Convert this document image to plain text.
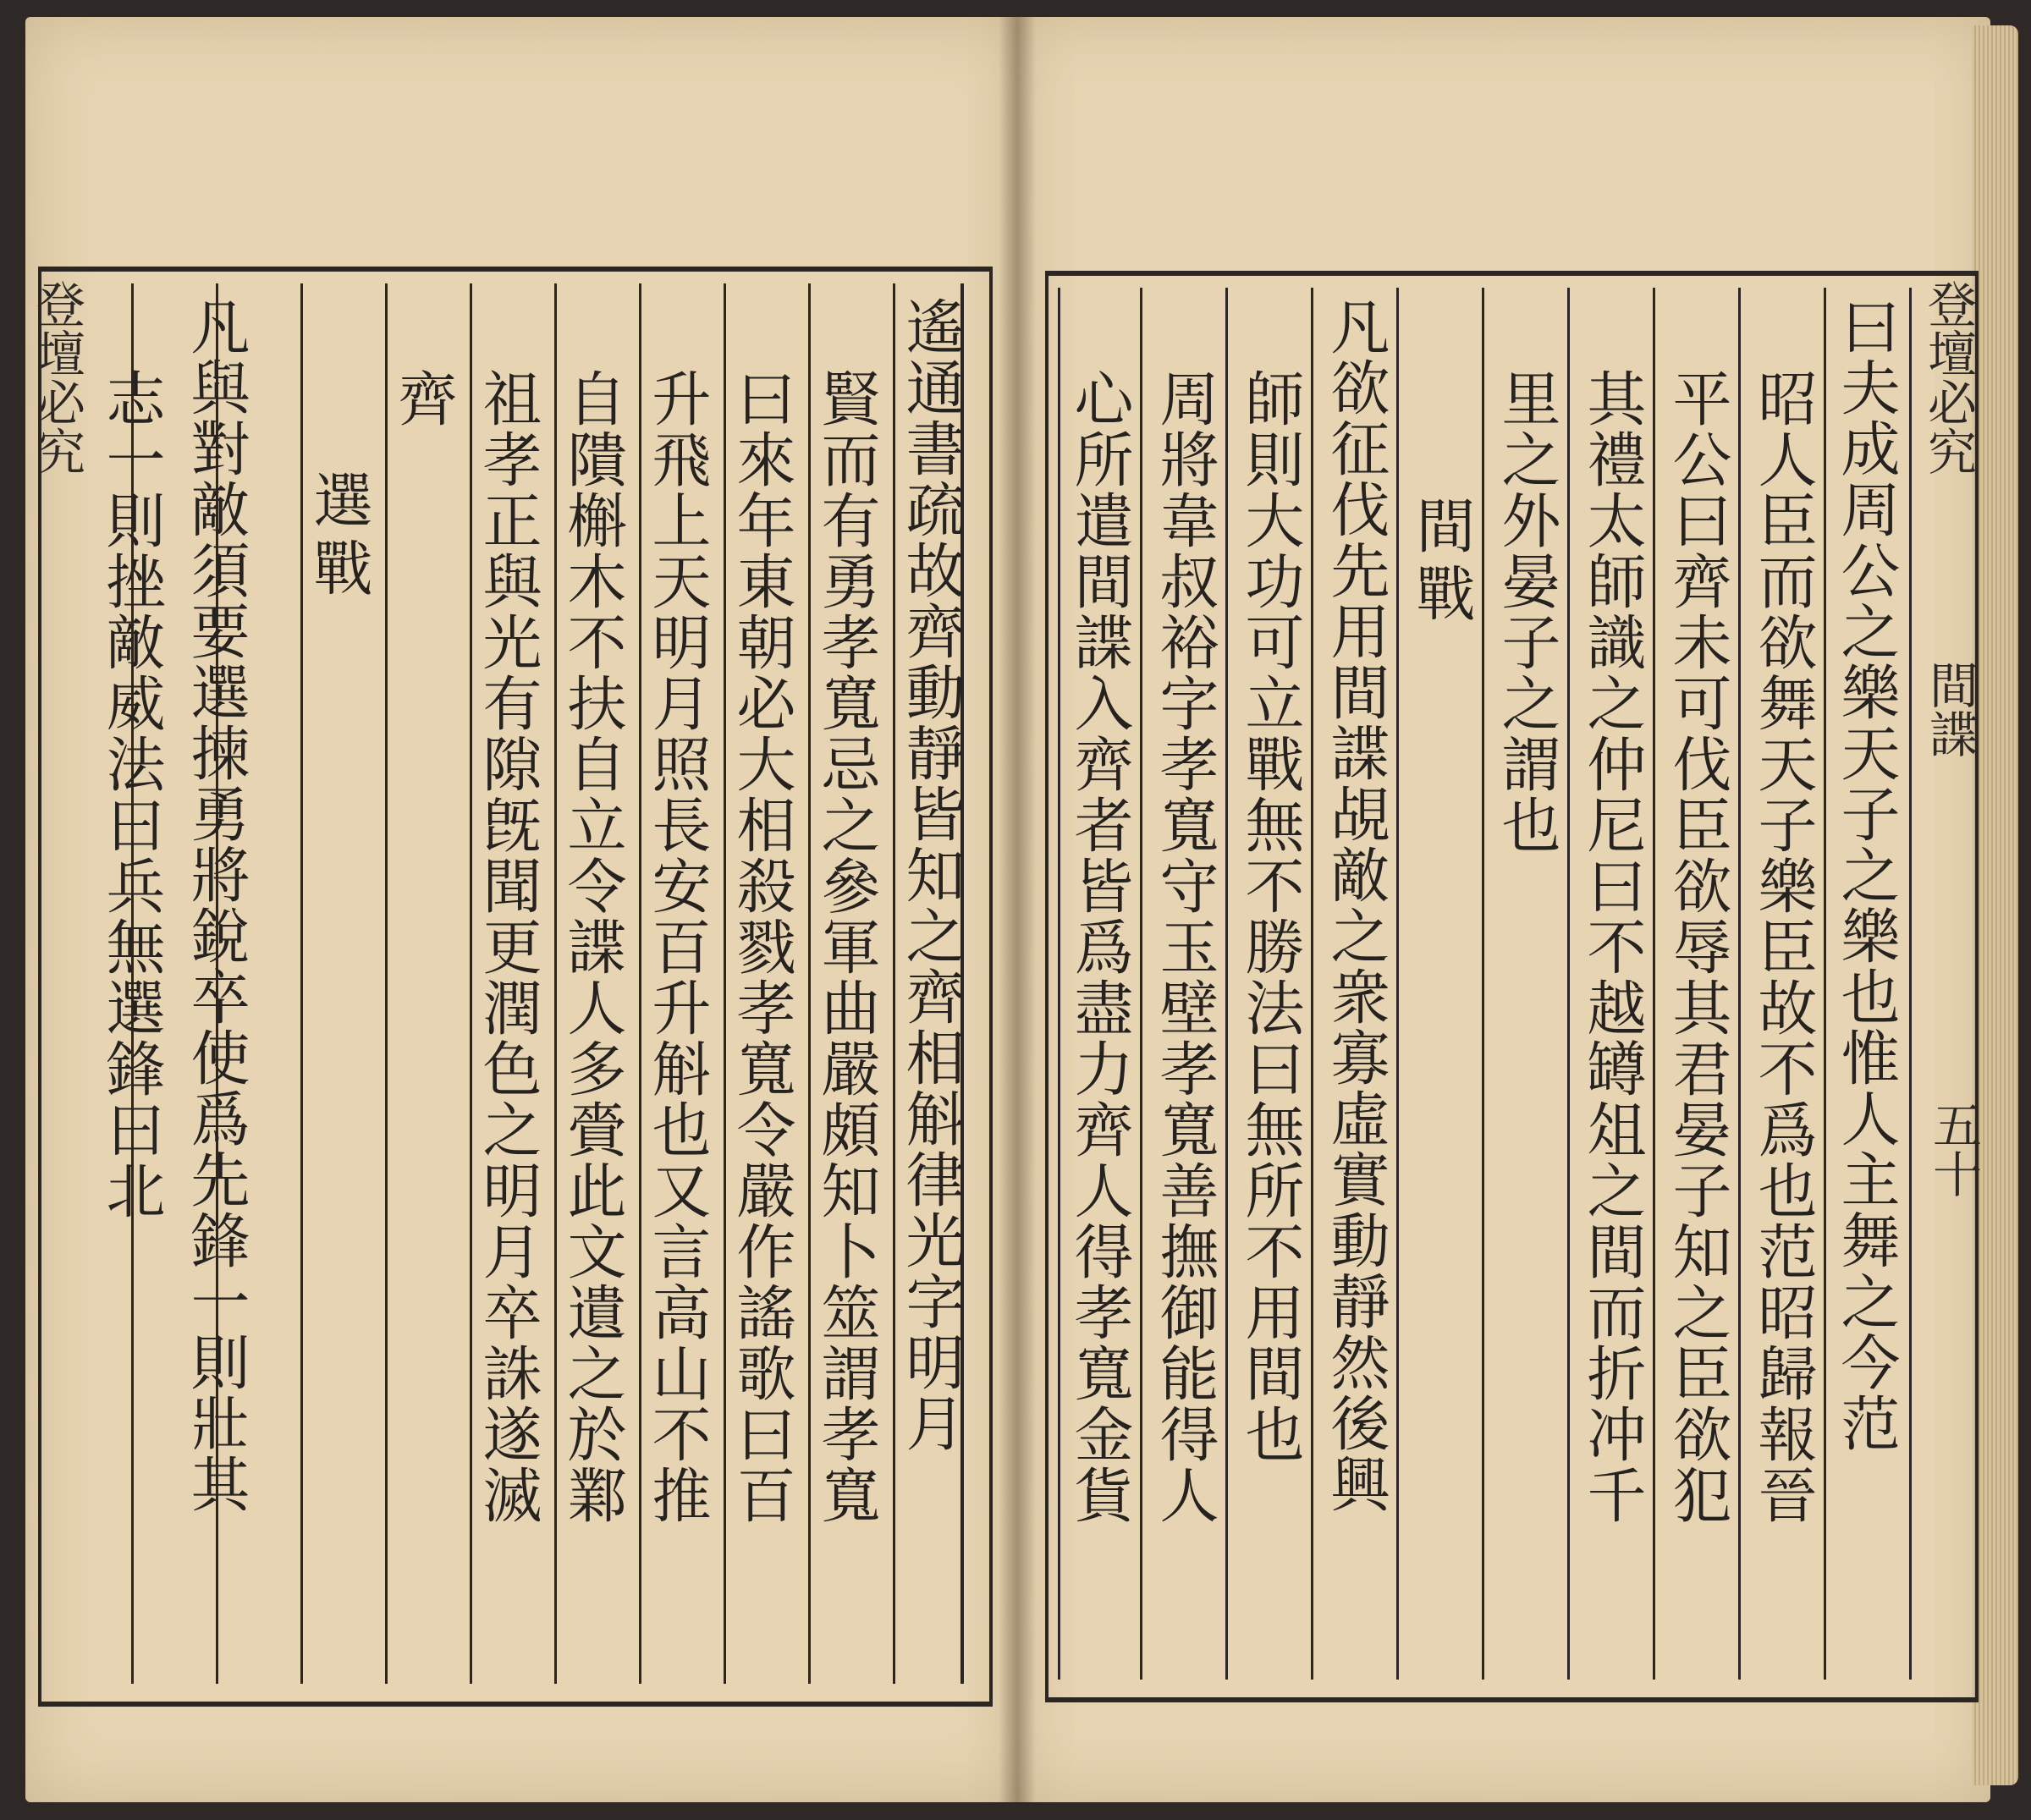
登壇必究
間諜
五十
登壇必究	曰夫成周公之樂天子之樂也惟人主舞之今范
昭人臣而欲舞天子樂臣故不爲也范昭歸報晉
平公曰齊未可伐臣欲辱其君晏子知之臣欲犯
其禮太師識之仲尼曰不越罇俎之間而折冲千
里之外晏子之謂也
間戰
凡欲征伐先用間諜覘敵之衆寡虛實動靜然後興
師則大功可立戰無不勝法曰無所不用間也
周將韋叔裕字孝寬守玉壁孝寬善撫御能得人
心所遣間諜入齊者皆爲盡力齊人得孝寬金貨
遙通書疏故齊動靜皆知之齊相斛律光字明月
賢而有勇孝寬忌之參軍曲嚴頗知卜筮謂孝寬
曰來年東朝必大相殺戮孝寬令嚴作謠歌曰百
升飛上天明月照長安百升斛也又言高山不推
自隤槲木不扶自立令諜人多賫此文遺之於鄴
祖孝正與光有隙旣聞更潤色之明月卒誅遂滅
齊
選戰
凡與對敵須要選揀勇將銳卒使爲先鋒一則壯其
志一則挫敵威法曰兵無選鋒曰北
